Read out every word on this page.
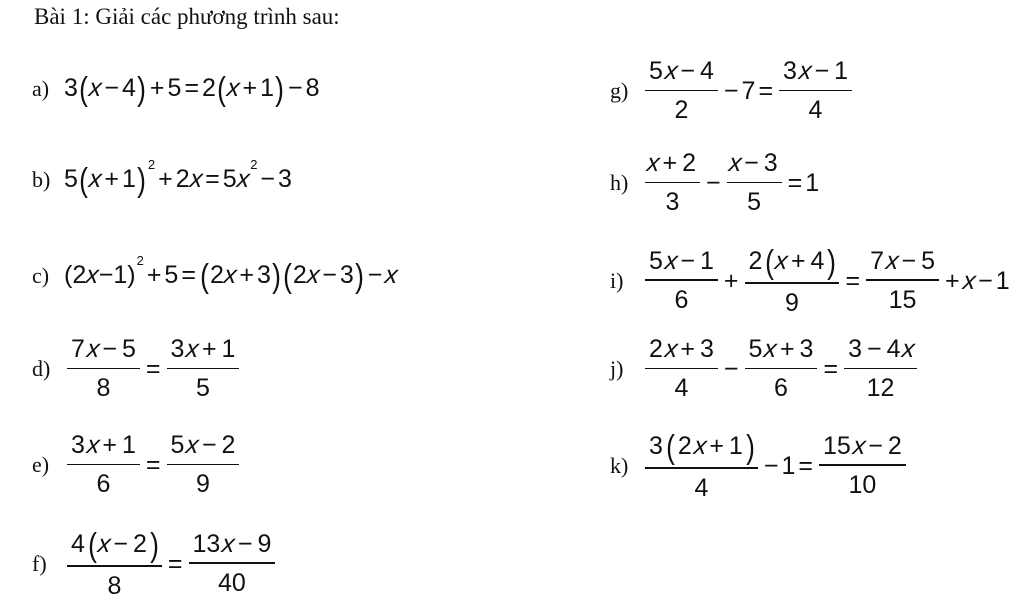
Bài 1: Giải các phương trình sau:
a) 3 ( x − 4 ) + 5 = 2 ( x + 1 ) − 8
b) 5 ( x + 1 ) 2
+ 2
x = 5
x
2
− 3
c) (2
x
−1)
2
+ 5 = ( 2
x + 3 ) ( 2
x − 3 ) − x
$d) \frac{7 x - 5}{8} = \frac{3 x + 1}{5}$
$e) \frac{3 x + 1}{6} = \frac{5 x - 2}{9}$
$f) \frac{4 ( x - 2 )}{8} = \frac{13 x - 9}{40}$
$g) \frac{5 x - 4}{2} - 7 = \frac{3 x - 1}{4}$
$h) \frac{x + 2}{3} - \frac{x - 3}{5} = 1$
$i) \frac{5 x - 1}{6} + \frac{2 ( x + 4 )}{9} = \frac{7 x - 5}{15} + x - 1$
$j) \frac{2 x + 3}{4} - \frac{5 x + 3}{6} = \frac{3 - 4 x}{12}$
$k) \frac{3 ( 2 x + 1 )}{4} - 1 = \frac{15 x - 2}{10}$
